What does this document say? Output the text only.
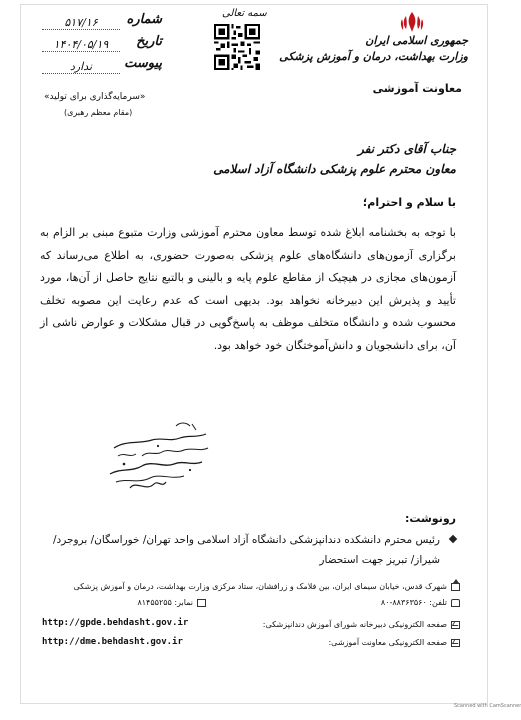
جمهوری اسلامی ایران
وزارت بهداشت، درمان و آموزش پزشکی
معاونت آموزشی
سمه تعالی
شماره
۵۱۷/۱۶
تاریخ
۱۴۰۴/۰۵/۱۹
پیوست
ندارد
«سرمایه‌گذاری برای تولید»
(مقام معظم رهبری)
جناب آقای دکتر نفر
معاون محترم علوم پزشکی دانشگاه آزاد اسلامی
با سلام و احترام؛
با توجه به بخشنامه ابلاغ شده توسط معاون محترم آموزشی وزارت متبوع مبنی بر الزام به برگزاری آزمون‌های دانشگاه‌های علوم پزشکی به‌صورت حضوری، به اطلاع می‌رساند که آزمون‌های مجازی در هیچیک از مقاطع علوم پایه و بالینی و بالتبع نتایج حاصل از آن‌ها، مورد تأیید و پذیرش این دبیرخانه نخواهد بود. بدیهی است که عدم رعایت این مصوبه تخلف محسوب شده و دانشگاه متخلف موظف به پاسخ‌گویی در قبال مشکلات و عوارض ناشی از آن، برای دانشجویان و دانش‌آموختگان خود خواهد بود.
رونوشت:
رئیس محترم دانشکده دندانپزشکی دانشگاه آزاد اسلامی واحد تهران/ خوراسگان/ بروجرد/ شیراز/ تبریز جهت استحضار
شهرک قدس، خیابان سیمای ایران، بین فلامک و زرافشان، ستاد مرکزی وزارت بهداشت، درمان و آموزش پزشکی
تلفن: ۸۸۳۶۳۵۶۰-۸۰
نمابر: ۸۱۴۵۵۲۵۵
صفحه الکترونیکی دبیرخانه شورای آموزش دندانپزشکی:
http://gpde.behdasht.gov.ir
صفحه الکترونیکی معاونت آموزشی:
http://dme.behdasht.gov.ir
Scanned with CamScanner
